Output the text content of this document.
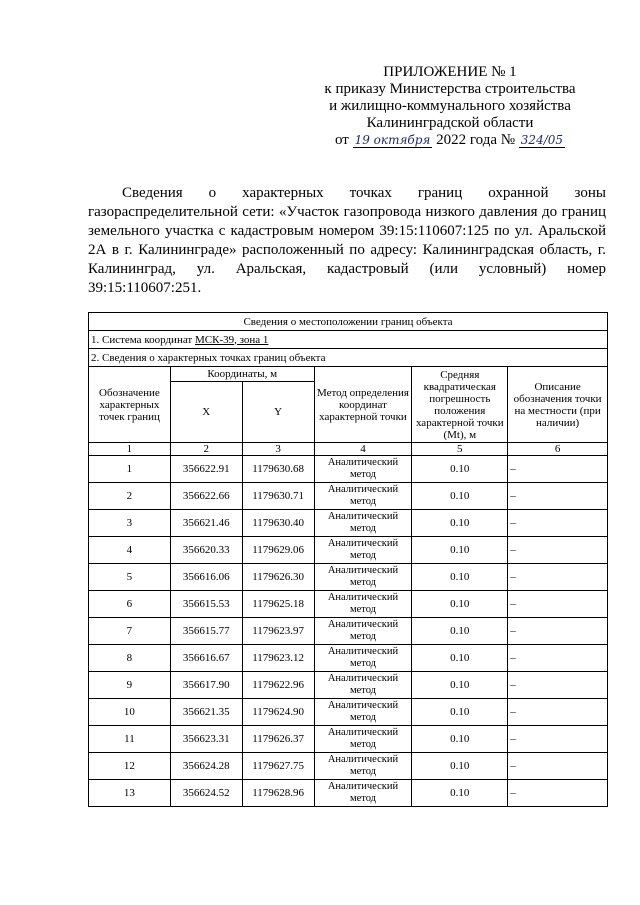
ПРИЛОЖЕНИЕ № 1
к приказу Министерства строительства
и жилищно-коммунального хозяйства
Калининградской области
от 19 октября 2022 года № 324/05
Сведения о характерных точках границ охранной зоны газораспределительной сети: «Участок газопровода низкого давления до границ земельного участка с кадастровым номером 39:15:110607:125 по ул. Аральской 2А в г. Калининграде» расположенный по адресу: Калининградская область, г. Калининград, ул. Аральская, кадастровый (или условный) номер 39:15:110607:251.
Сведения о местоположении границ объекта					
1. Система координат МСК-39, зона 1					
2. Сведения о характерных точках границ объекта					
Обозначение характерных точек границ	Координаты, м		Метод определения координат характерной точки	Средняя квадратическая погрешность положения характерной точки (Mt), м	Описание обозначения точки на местности (при наличии)
	X	Y			
1	2	3	4	5	6
1	356622.91	1179630.68	Аналитический метод	0.10	–
2	356622.66	1179630.71	Аналитический метод	0.10	–
3	356621.46	1179630.40	Аналитический метод	0.10	–
4	356620.33	1179629.06	Аналитический метод	0.10	–
5	356616.06	1179626.30	Аналитический метод	0.10	–
6	356615.53	1179625.18	Аналитический метод	0.10	–
7	356615.77	1179623.97	Аналитический метод	0.10	–
8	356616.67	1179623.12	Аналитический метод	0.10	–
9	356617.90	1179622.96	Аналитический метод	0.10	–
10	356621.35	1179624.90	Аналитический метод	0.10	–
11	356623.31	1179626.37	Аналитический метод	0.10	–
12	356624.28	1179627.75	Аналитический метод	0.10	–
13	356624.52	1179628.96	Аналитический метод	0.10	–
